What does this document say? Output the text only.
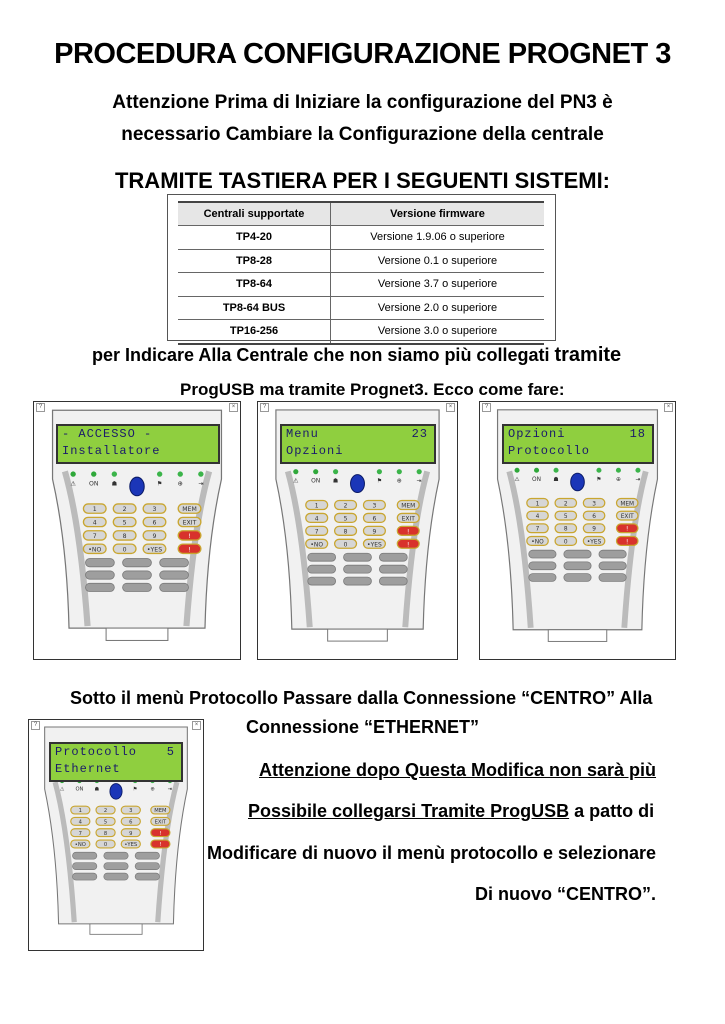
PROCEDURA CONFIGURAZIONE PROGNET 3
Attenzione Prima di Iniziare la configurazione del PN3 è
necessario Cambiare la Configurazione della centrale
TRAMITE TASTIERA PER I SEGUENTI SISTEMI:
Centrali supportate	Versione firmware
TP4-20	Versione 1.9.06 o superiore
TP8-28	Versione 0.1 o superiore
TP8-64	Versione 3.7 o superiore
TP8-64 BUS	Versione 2.0 o superiore
TP16-256	Versione 3.0 o superiore
per Indicare Alla Centrale che non siamo più collegati tramite
ProgUSB ma tramite Prognet3. Ecco come fare:
⚠ ON ☗	⚑	⊕	⇥
1	2	3	MEM
4	5	6	EXIT
7	8	9	!
•NO	0	•YES	!
?	×
- ACCESSO -
Installatore
⚠ ON ☗	⚑ ⊕ ⇥
1	2	3	MEM
4	5	6	EXIT
7	8	9	!
•NO	0	•YES	!
?	×
Menu	23
Opzioni
⚠ ON ☗	⚑ ⊕ ⇥
1	2	3	MEM
4	5	6	EXIT
7	8	9	!
•NO	0	•YES	!
?	×
Opzioni	18
Protocollo
Sotto il menù Protocollo Passare dalla Connessione “CENTRO” Alla
Connessione “ETHERNET”
⚠ ON ☗	⚑ ⊕ ⇥
1	2	3	MEM
4	5	6	EXIT
7	8	9	!
•NO	0	•YES	!
?	×
Protocollo 5
Ethernet	Attenzione dopo Questa Modifica non sarà più
Possibile collegarsi Tramite ProgUSB a patto di
Modificare di nuovo il menù protocollo e selezionare
Di nuovo “CENTRO”.
